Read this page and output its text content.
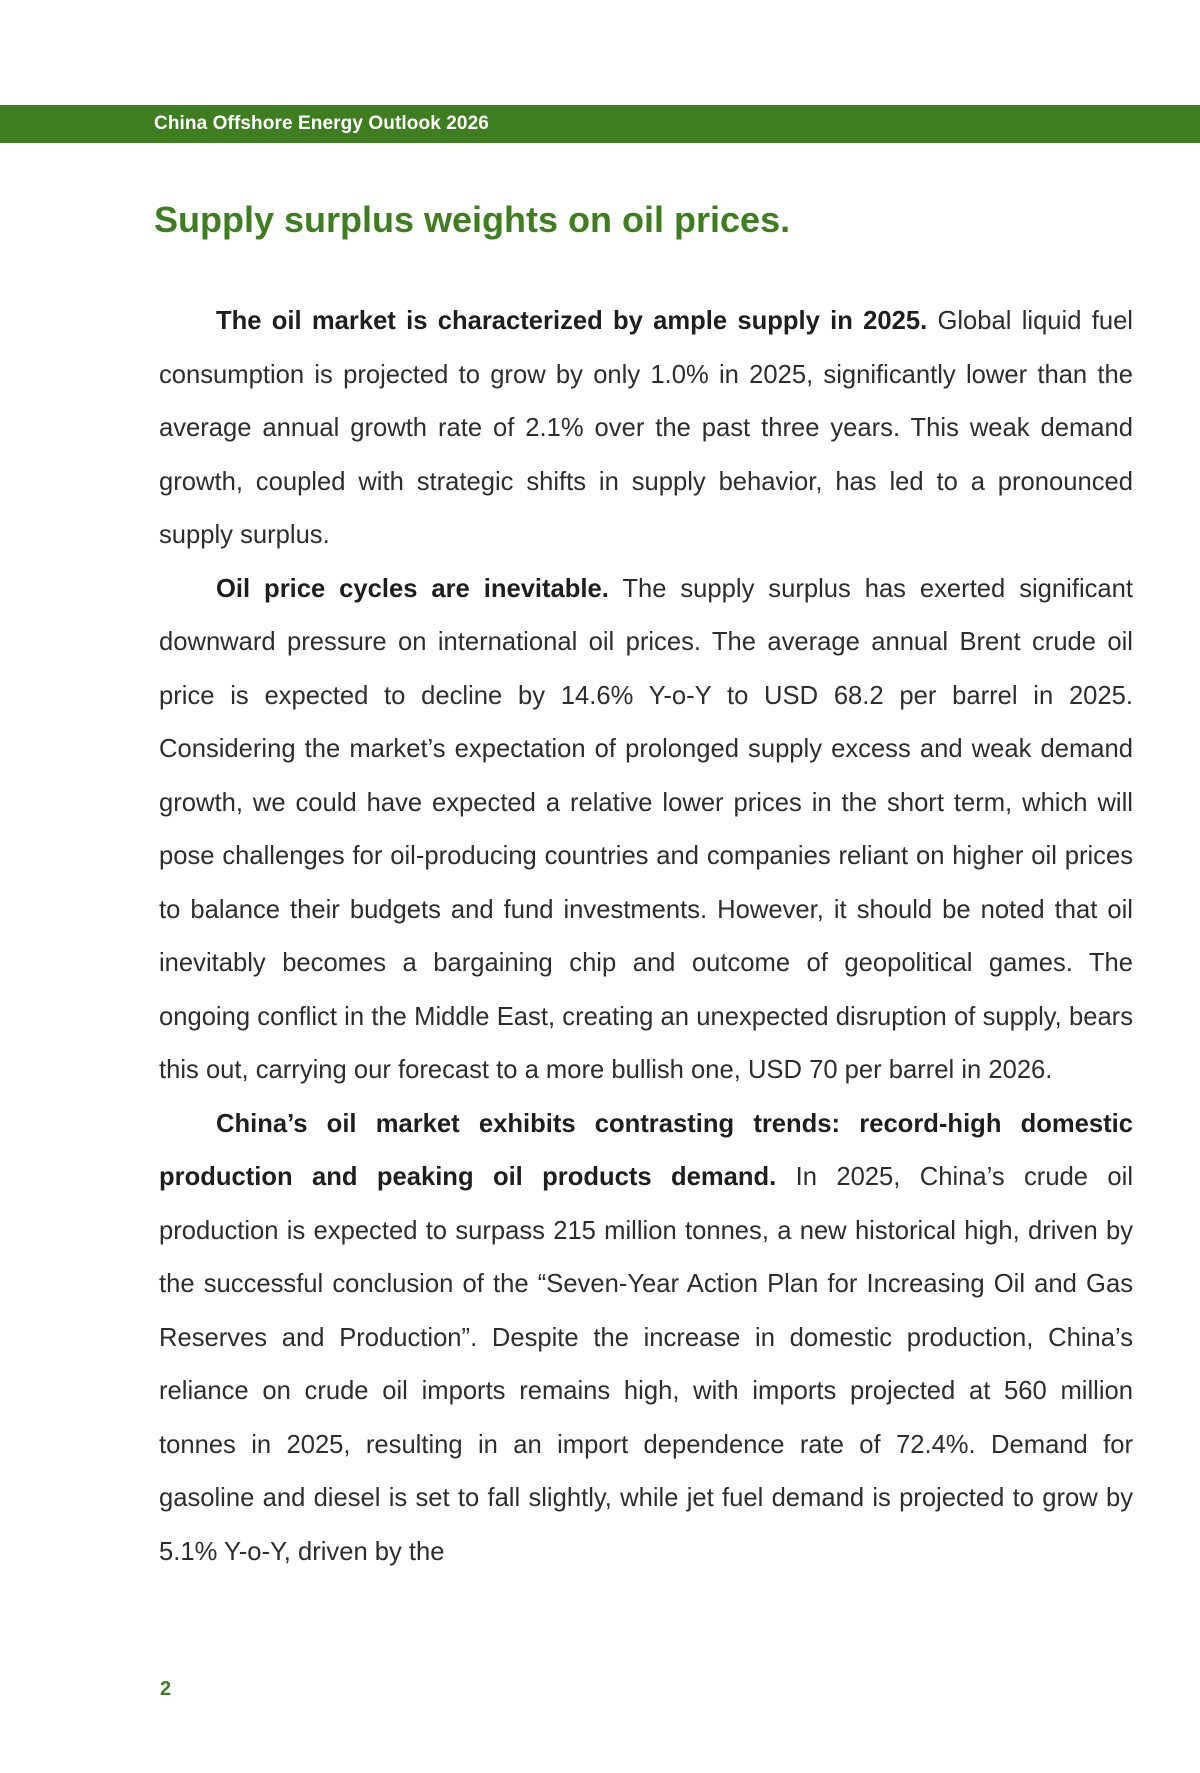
China Offshore Energy Outlook 2026
Supply surplus weights on oil prices.

The oil market is characterized by ample supply in 2025. Global liquid fuel consumption is projected to grow by only 1.0% in 2025, significantly lower than the average annual growth rate of 2.1% over the past three years. This weak demand growth, coupled with strategic shifts in supply behavior, has led to a pronounced supply surplus.

Oil price cycles are inevitable. The supply surplus has exerted significant downward pressure on international oil prices. The average annual Brent crude oil price is expected to decline by 14.6% Y-o-Y to USD 68.2 per barrel in 2025. Considering the market’s expectation of prolonged supply excess and weak demand growth, we could have expected a relative lower prices in the short term, which will pose challenges for oil-producing countries and companies reliant on higher oil prices to balance their budgets and fund investments. However, it should be noted that oil inevitably becomes a bargaining chip and outcome of geopolitical games. The ongoing conflict in the Middle East, creating an unexpected disruption of supply, bears this out, carrying our forecast to a more bullish one, USD 70 per barrel in 2026.

China’s oil market exhibits contrasting trends: record-high domestic production and peaking oil products demand. In 2025, China’s crude oil production is expected to surpass 215 million tonnes, a new historical high, driven by the successful conclusion of the “Seven-Year Action Plan for Increasing Oil and Gas Reserves and Production”. Despite the increase in domestic production, China’s reliance on crude oil imports remains high, with imports projected at 560 million tonnes in 2025, resulting in an import dependence rate of 72.4%. Demand for gasoline and diesel is set to fall slightly, while jet fuel demand is projected to grow by 5.1% Y-o-Y, driven by the

2
